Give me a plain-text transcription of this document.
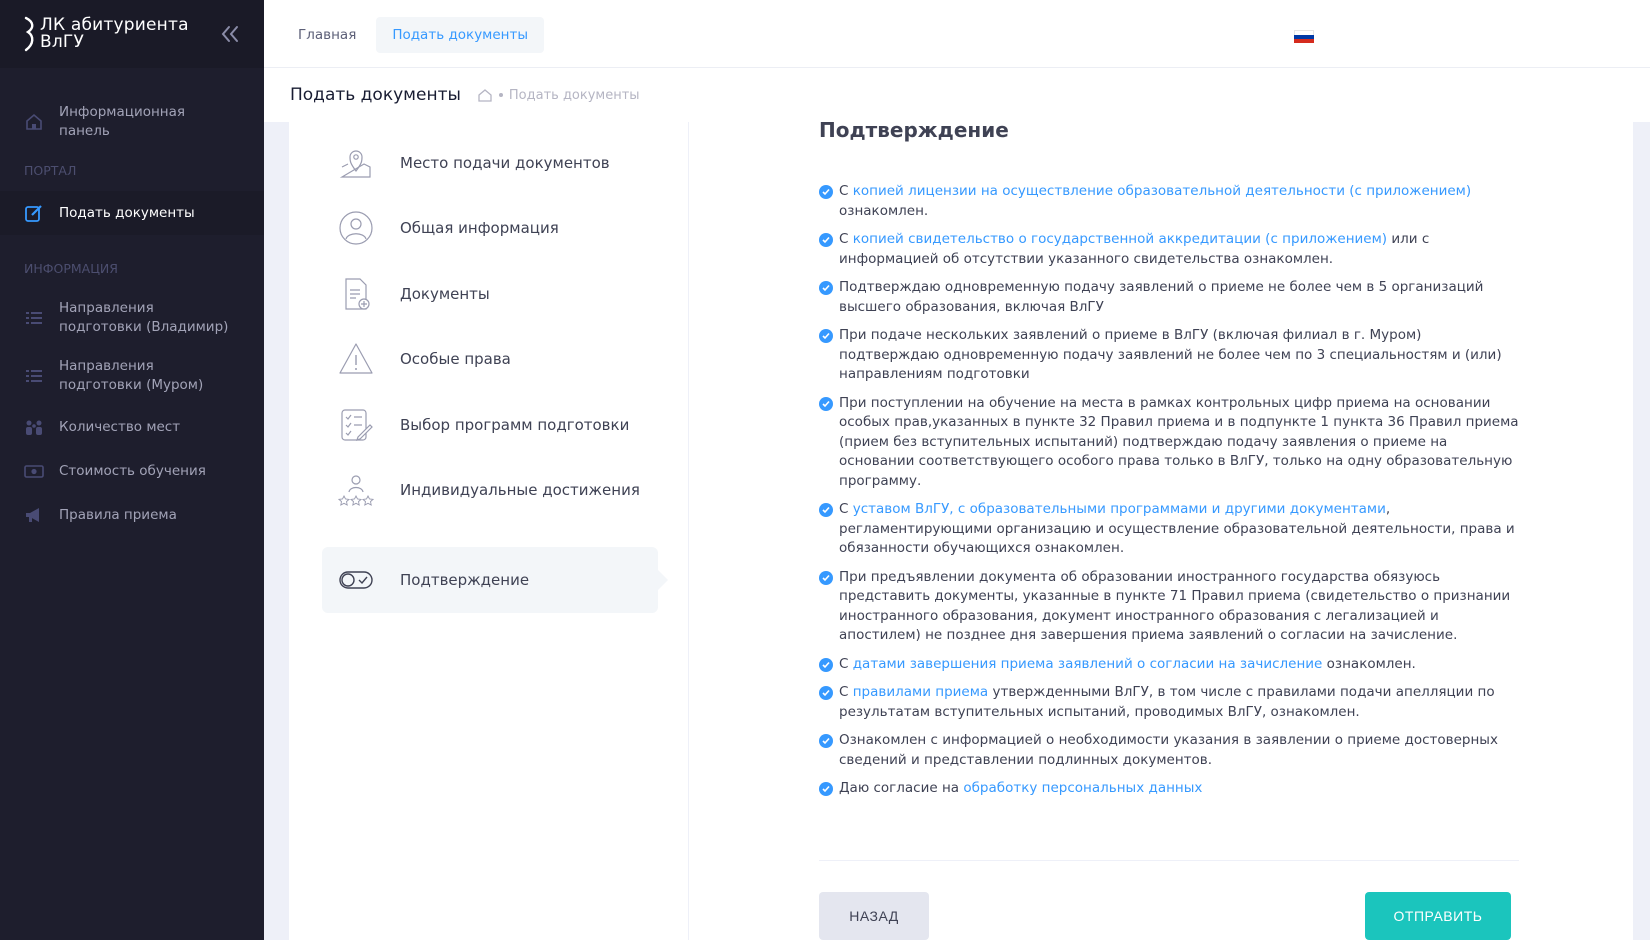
ЛК абитуриента ВлГУ
Информационная панель
ПОРТАЛ
Подать документы
ИНФОРМАЦИЯ
Направления подготовки (Владимир)
Направления подготовки (Муром)
Количество мест
Стоимость обучения
Правила приема
Главная	Подать документы
Подать документы	Подать документы
Место подачи документов
Общая информация
Документы
Особые права
Выбор программ подготовки
Индивидуальные достижения
Подтверждение
Подтверждение
С копией лицензии на осуществление образовательной деятельности (с приложением) ознакомлен.
С копией свидетельство о государственной аккредитации (с приложением) или с информацией об отсутствии указанного свидетельства ознакомлен.
Подтверждаю одновременную подачу заявлений о приеме не более чем в 5 организаций высшего образования, включая ВлГУ
При подаче нескольких заявлений о приеме в ВлГУ (включая филиал в г. Муром) подтверждаю одновременную подачу заявлений не более чем по 3 специальностям и (или) направлениям подготовки
При поступлении на обучение на места в рамках контрольных цифр приема на основании особых прав,указанных в пункте 32 Правил приема и в подпункте 1 пункта 36 Правил приема (прием без вступительных испытаний) подтверждаю подачу заявления о приеме на основании соответствующего особого права только в ВлГУ, только на одну образовательную программу.
С уставом ВлГУ, с образовательными программами и другими документами, регламентирующими организацию и осуществление образовательной деятельности, права и обязанности обучающихся ознакомлен.
При предъявлении документа об образовании иностранного государства обязуюсь представить документы, указанные в пункте 71 Правил приема (свидетельство о признании иностранного образования, документ иностранного образования с легализацией и апостилем) не позднее дня завершения приема заявлений о согласии на зачисление.
С датами завершения приема заявлений о согласии на зачисление ознакомлен.
С правилами приема утвержденными ВлГУ, в том числе с правилами подачи апелляции по результатам вступительных испытаний, проводимых ВлГУ, ознакомлен.
Ознакомлен с информацией о необходимости указания в заявлении о приеме достоверных сведений и представлении подлинных документов.
Даю согласие на обработку персональных данных
НАЗАД	ОТПРАВИТЬ
